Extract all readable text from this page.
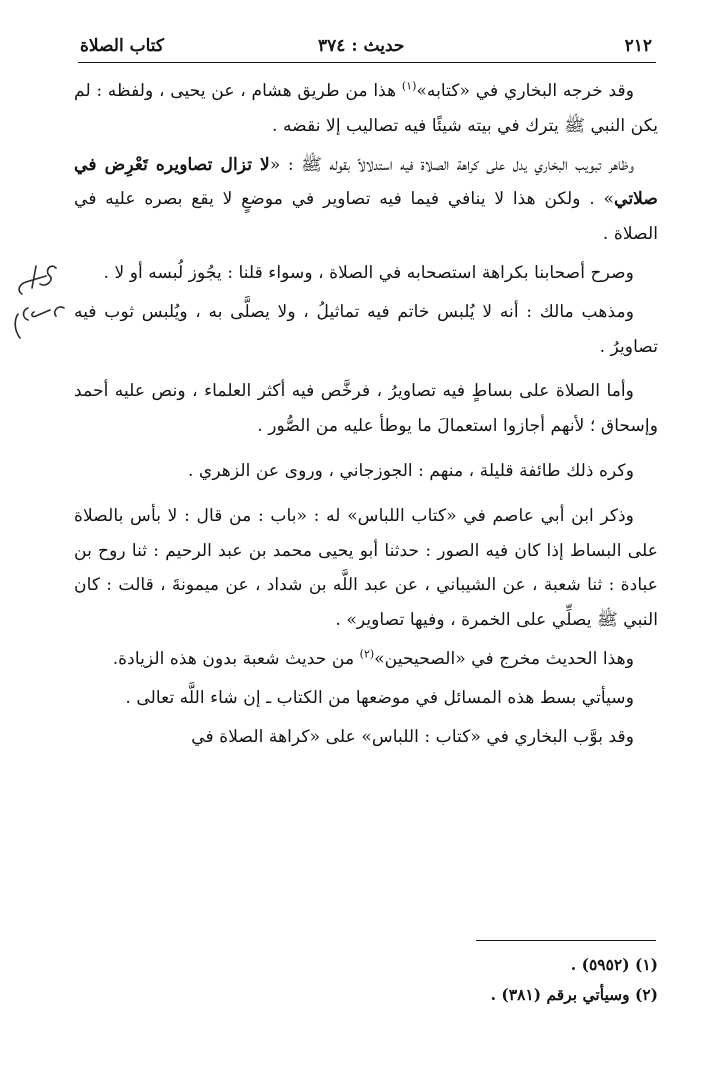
٢١٢
حديث : ٣٧٤
كتاب الصلاة

وقد خرجه البخاري في «كتابه»$^{(١)}$ هذا من طريق هشام ، عن يحيى ، ولفظه : لم يكن النبي ﷺ يترك في بيته شيئًا فيه تصاليب إلا نقضه .

وظاهر تبويب البخاري يدل على كراهة الصلاة فيه استدلالاً بقوله ﷺ : «لا تزال تصاويره تَعْرِض في صلاتي» . ولكن هذا لا ينافي فيما فيه تصاوير في موضعٍ لا يقع بصره عليه في الصلاة .

وصرح أصحابنا بكراهة استصحابه في الصلاة ، وسواء قلنا : يجُوز لُبسه أو لا .

ومذهب مالك : أنه لا يُلبس خاتم فيه تماثيلُ ، ولا يصلَّى به ، ويُلبس ثوب فيه تصاويرُ .

وأما الصلاة على بساطٍ فيه تصاويرُ ، فرخَّص فيه أكثر العلماء ، ونص عليه أحمد وإسحاق ؛ لأنهم أجازوا استعمالَ ما يوطأ عليه من الصُّور .

وكره ذلك طائفة قليلة ، منهم : الجوزجاني ، وروى عن الزهري .

وذكر ابن أبي عاصم في «كتاب اللباس» له : «باب : من قال : لا بأس بالصلاة على البساط إذا كان فيه الصور : حدثنا أبو يحيى محمد بن عبد الرحيم : ثنا روح بن عبادة : ثنا شعبة ، عن الشيباني ، عن عبد اللَّه بن شداد ، عن ميمونةَ ، قالت : كان النبي ﷺ يصلِّي على الخمرة ، وفيها تصاوير» .

وهذا الحديث مخرج في «الصحيحين»$^{(٢)}$ من حديث شعبة بدون هذه الزيادة.

وسيأتي بسط هذه المسائل في موضعها من الكتاب ـ إن شاء اللَّه تعالى .

وقد بوَّب البخاري في «كتاب : اللباس» على «كراهة الصلاة في

(١) (٥٩٥٢) .
(٢) وسيأتي برقم (٣٨١) .
